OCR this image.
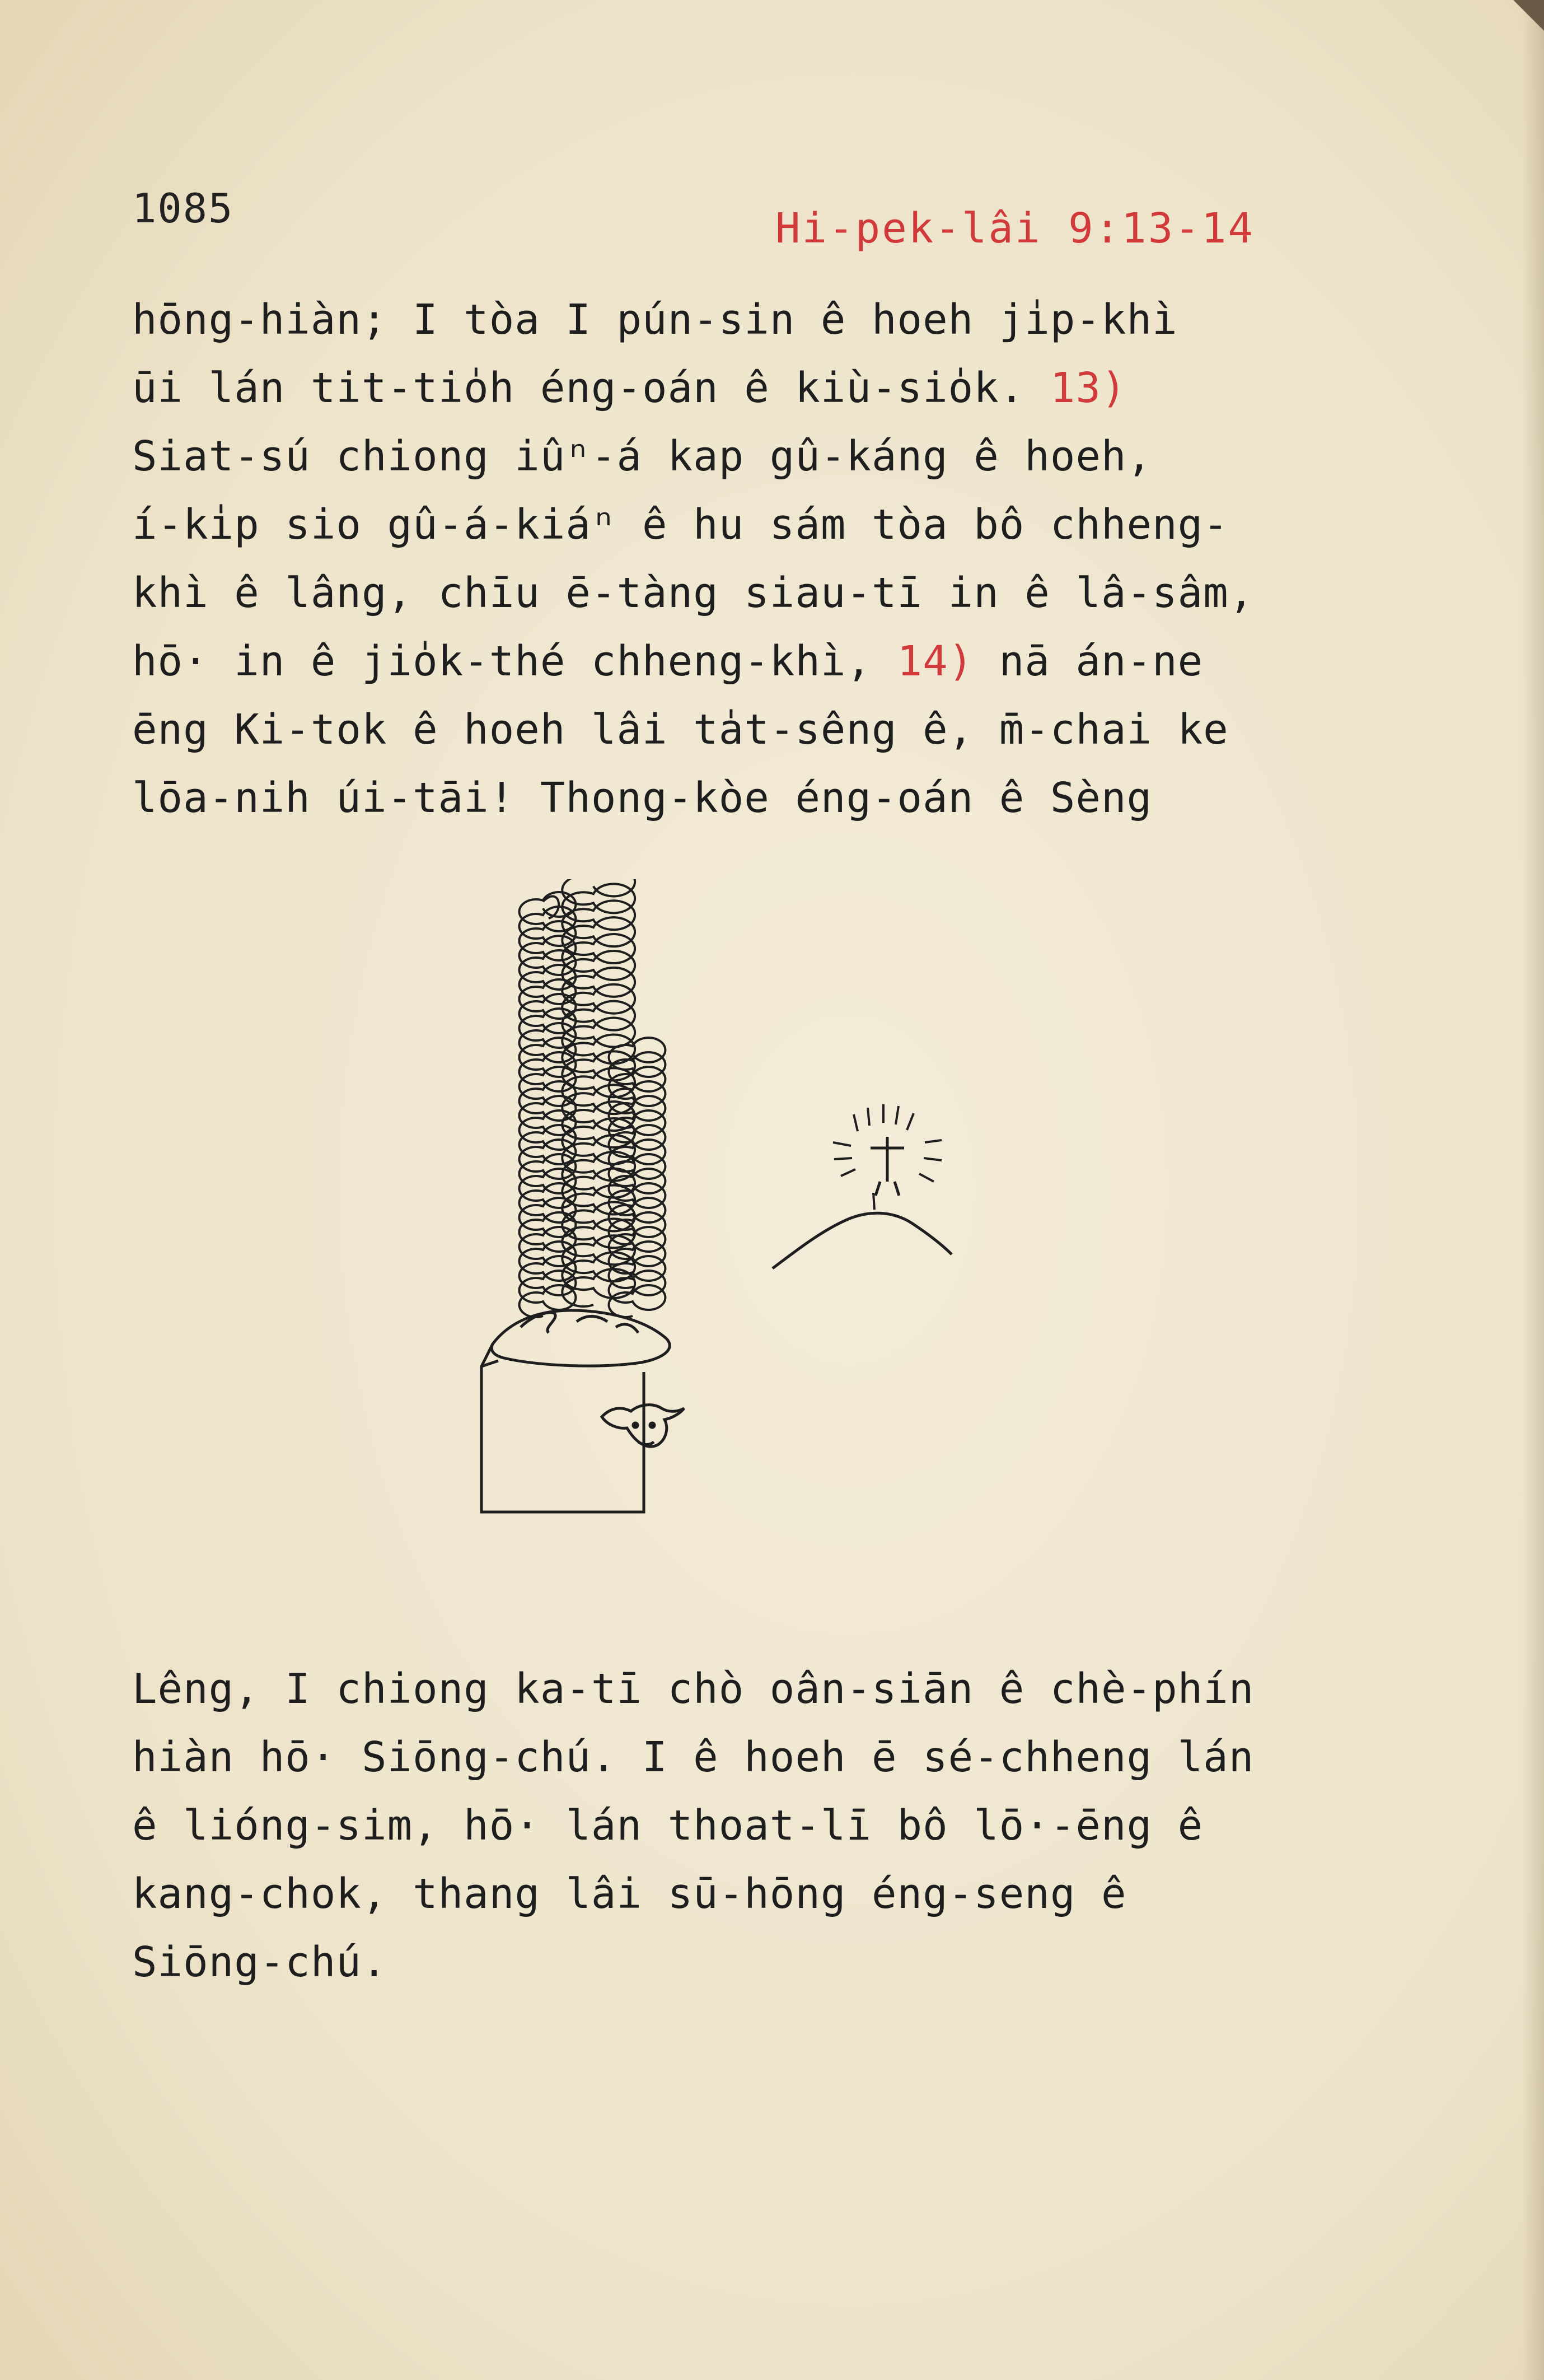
1085	Hi-pek-lâi 9:13-14
hōng-hiàn; I tòa I pún-sin ê hoeh ji̍p-khì
ūi lán tit-tio̍h éng-oán ê kiù-sio̍k. 13)
Siat-sú chiong iûⁿ-á kap gû-káng ê hoeh,
í-ki̍p sio gû-á-kiáⁿ ê hu sám tòa bô chheng-
khì ê lâng, chīu ē-tàng siau-tī in ê lâ-sâm,
hō· in ê jio̍k-thé chheng-khì, 14) nā án-ne
ēng Ki-tok ê hoeh lâi ta̍t-sêng ê, m̄-chai ke
lōa-nih úi-tāi! Thong-kòe éng-oán ê Sèng
Lêng, I chiong ka-tī chò oân-siān ê chè-phín
hiàn hō· Siōng-chú. I ê hoeh ē sé-chheng lán
ê lióng-sim, hō· lán thoat-lī bô lō·-ēng ê
kang-chok, thang lâi sū-hōng éng-seng ê
Siōng-chú.
